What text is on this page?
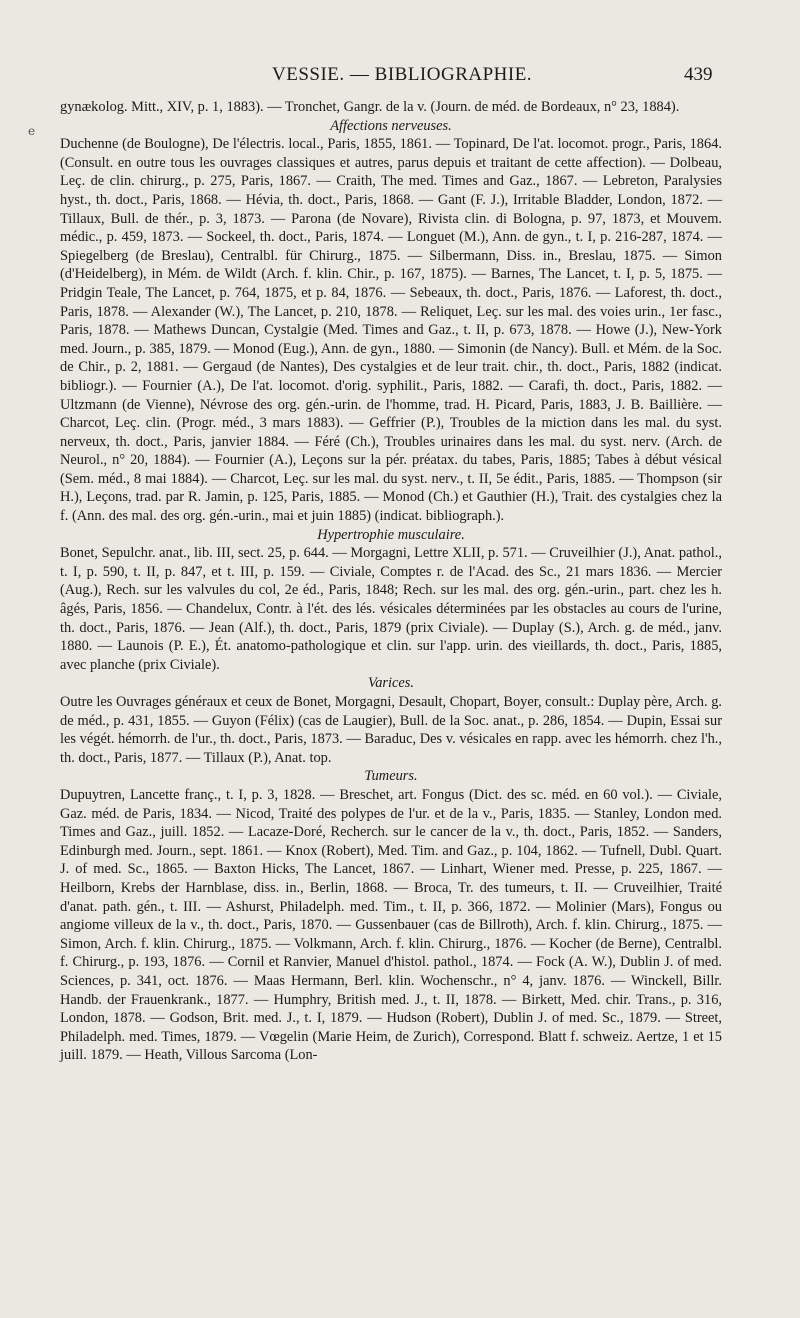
VESSIE. — BIBLIOGRAPHIE.	439
e

gynækolog. Mitt., XIV, p. 1, 1883). — Tronchet, Gangr. de la v. (Journ. de méd. de Bordeaux, n° 23, 1884).

Affections nerveuses.

Duchenne (de Boulogne), De l'électris. local., Paris, 1855, 1861. — Topinard, De l'at. locomot. progr., Paris, 1864. (Consult. en outre tous les ouvrages classiques et autres, parus depuis et traitant de cette affection). — Dolbeau, Leç. de clin. chirurg., p. 275, Paris, 1867. — Craith, The med. Times and Gaz., 1867. — Lebreton, Paralysies hyst., th. doct., Paris, 1868. — Hévia, th. doct., Paris, 1868. — Gant (F. J.), Irritable Bladder, London, 1872. — Tillaux, Bull. de thér., p. 3, 1873. — Parona (de Novare), Rivista clin. di Bologna, p. 97, 1873, et Mouvem. médic., p. 459, 1873. — Sockeel, th. doct., Paris, 1874. — Longuet (M.), Ann. de gyn., t. I, p. 216-287, 1874. — Spiegelberg (de Breslau), Centralbl. für Chirurg., 1875. — Silbermann, Diss. in., Breslau, 1875. — Simon (d'Heidelberg), in Mém. de Wildt (Arch. f. klin. Chir., p. 167, 1875). — Barnes, The Lancet, t. I, p. 5, 1875. — Pridgin Teale, The Lancet, p. 764, 1875, et p. 84, 1876. — Sebeaux, th. doct., Paris, 1876. — Laforest, th. doct., Paris, 1878. — Alexander (W.), The Lancet, p. 210, 1878. — Reliquet, Leç. sur les mal. des voies urin., 1er fasc., Paris, 1878. — Mathews Duncan, Cystalgie (Med. Times and Gaz., t. II, p. 673, 1878. — Howe (J.), New-York med. Journ., p. 385, 1879. — Monod (Eug.), Ann. de gyn., 1880. — Simonin (de Nancy). Bull. et Mém. de la Soc. de Chir., p. 2, 1881. — Gergaud (de Nantes), Des cystalgies et de leur trait. chir., th. doct., Paris, 1882 (indicat. bibliogr.). — Fournier (A.), De l'at. locomot. d'orig. syphilit., Paris, 1882. — Carafi, th. doct., Paris, 1882. — Ultzmann (de Vienne), Névrose des org. gén.-urin. de l'homme, trad. H. Picard, Paris, 1883, J. B. Baillière. — Charcot, Leç. clin. (Progr. méd., 3 mars 1883). — Geffrier (P.), Troubles de la miction dans les mal. du syst. nerveux, th. doct., Paris, janvier 1884. — Féré (Ch.), Troubles urinaires dans les mal. du syst. nerv. (Arch. de Neurol., n° 20, 1884). — Fournier (A.), Leçons sur la pér. préatax. du tabes, Paris, 1885; Tabes à début vésical (Sem. méd., 8 mai 1884). — Charcot, Leç. sur les mal. du syst. nerv., t. II, 5e édit., Paris, 1885. — Thompson (sir H.), Leçons, trad. par R. Jamin, p. 125, Paris, 1885. — Monod (Ch.) et Gauthier (H.), Trait. des cystalgies chez la f. (Ann. des mal. des org. gén.-urin., mai et juin 1885) (indicat. bibliograph.).

Hypertrophie musculaire.

Bonet, Sepulchr. anat., lib. III, sect. 25, p. 644. — Morgagni, Lettre XLII, p. 571. — Cruveilhier (J.), Anat. pathol., t. I, p. 590, t. II, p. 847, et t. III, p. 159. — Civiale, Comptes r. de l'Acad. des Sc., 21 mars 1836. — Mercier (Aug.), Rech. sur les valvules du col, 2e éd., Paris, 1848; Rech. sur les mal. des org. gén.-urin., part. chez les h. âgés, Paris, 1856. — Chandelux, Contr. à l'ét. des lés. vésicales déterminées par les obstacles au cours de l'urine, th. doct., Paris, 1876. — Jean (Alf.), th. doct., Paris, 1879 (prix Civiale). — Duplay (S.), Arch. g. de méd., janv. 1880. — Launois (P. E.), Ét. anatomo-pathologique et clin. sur l'app. urin. des vieillards, th. doct., Paris, 1885, avec planche (prix Civiale).

Varices.

Outre les Ouvrages généraux et ceux de Bonet, Morgagni, Desault, Chopart, Boyer, consult.: Duplay père, Arch. g. de méd., p. 431, 1855. — Guyon (Félix) (cas de Laugier), Bull. de la Soc. anat., p. 286, 1854. — Dupin, Essai sur les végét. hémorrh. de l'ur., th. doct., Paris, 1873. — Baraduc, Des v. vésicales en rapp. avec les hémorrh. chez l'h., th. doct., Paris, 1877. — Tillaux (P.), Anat. top.

Tumeurs.

Dupuytren, Lancette franç., t. I, p. 3, 1828. — Breschet, art. Fongus (Dict. des sc. méd. en 60 vol.). — Civiale, Gaz. méd. de Paris, 1834. — Nicod, Traité des polypes de l'ur. et de la v., Paris, 1835. — Stanley, London med. Times and Gaz., juill. 1852. — Lacaze-Doré, Recherch. sur le cancer de la v., th. doct., Paris, 1852. — Sanders, Edinburgh med. Journ., sept. 1861. — Knox (Robert), Med. Tim. and Gaz., p. 104, 1862. — Tufnell, Dubl. Quart. J. of med. Sc., 1865. — Baxton Hicks, The Lancet, 1867. — Linhart, Wiener med. Presse, p. 225, 1867. — Heilborn, Krebs der Harnblase, diss. in., Berlin, 1868. — Broca, Tr. des tumeurs, t. II. — Cruveilhier, Traité d'anat. path. gén., t. III. — Ashurst, Philadelph. med. Tim., t. II, p. 366, 1872. — Molinier (Mars), Fongus ou angiome villeux de la v., th. doct., Paris, 1870. — Gussenbauer (cas de Billroth), Arch. f. klin. Chirurg., 1875. — Simon, Arch. f. klin. Chirurg., 1875. — Volkmann, Arch. f. klin. Chirurg., 1876. — Kocher (de Berne), Centralbl. f. Chirurg., p. 193, 1876. — Cornil et Ranvier, Manuel d'histol. pathol., 1874. — Fock (A. W.), Dublin J. of med. Sciences, p. 341, oct. 1876. — Maas Hermann, Berl. klin. Wochenschr., n° 4, janv. 1876. — Winckell, Billr. Handb. der Frauenkrank., 1877. — Humphry, British med. J., t. II, 1878. — Birkett, Med. chir. Trans., p. 316, London, 1878. — Godson, Brit. med. J., t. I, 1879. — Hudson (Robert), Dublin J. of med. Sc., 1879. — Street, Philadelph. med. Times, 1879. — Vœgelin (Marie Heim, de Zurich), Correspond. Blatt f. schweiz. Aertze, 1 et 15 juill. 1879. — Heath, Villous Sarcoma (Lon-
